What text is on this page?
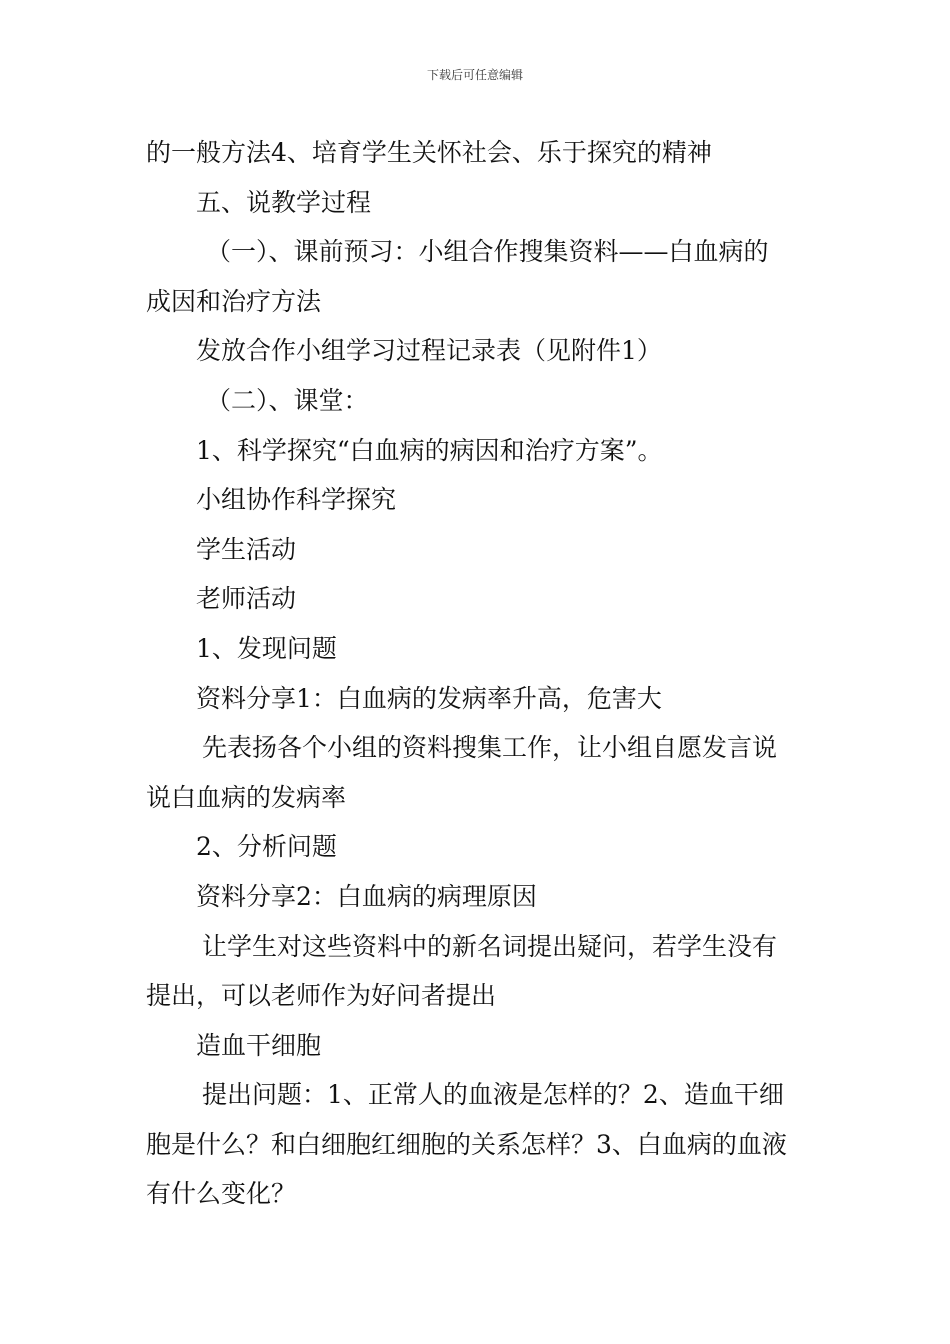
下载后可任意编辑
的一般方法4、培育学生关怀社会、乐于探究的精神
五、说教学过程
（一）、课前预习：小组合作搜集资料——白血病的
成因和治疗方法
发放合作小组学习过程记录表（见附件1）
（二）、课堂：
1、科学探究“白血病的病因和治疗方案”。
小组协作科学探究
学生活动
老师活动
1、发现问题
资料分享1：白血病的发病率升高，危害大
先表扬各个小组的资料搜集工作，让小组自愿发言说
说白血病的发病率
2、分析问题
资料分享2：白血病的病理原因
让学生对这些资料中的新名词提出疑问，若学生没有
提出，可以老师作为好问者提出
造血干细胞
提出问题：1、正常人的血液是怎样的？2、造血干细
胞是什么？和白细胞红细胞的关系怎样？3、白血病的血液
有什么变化？
